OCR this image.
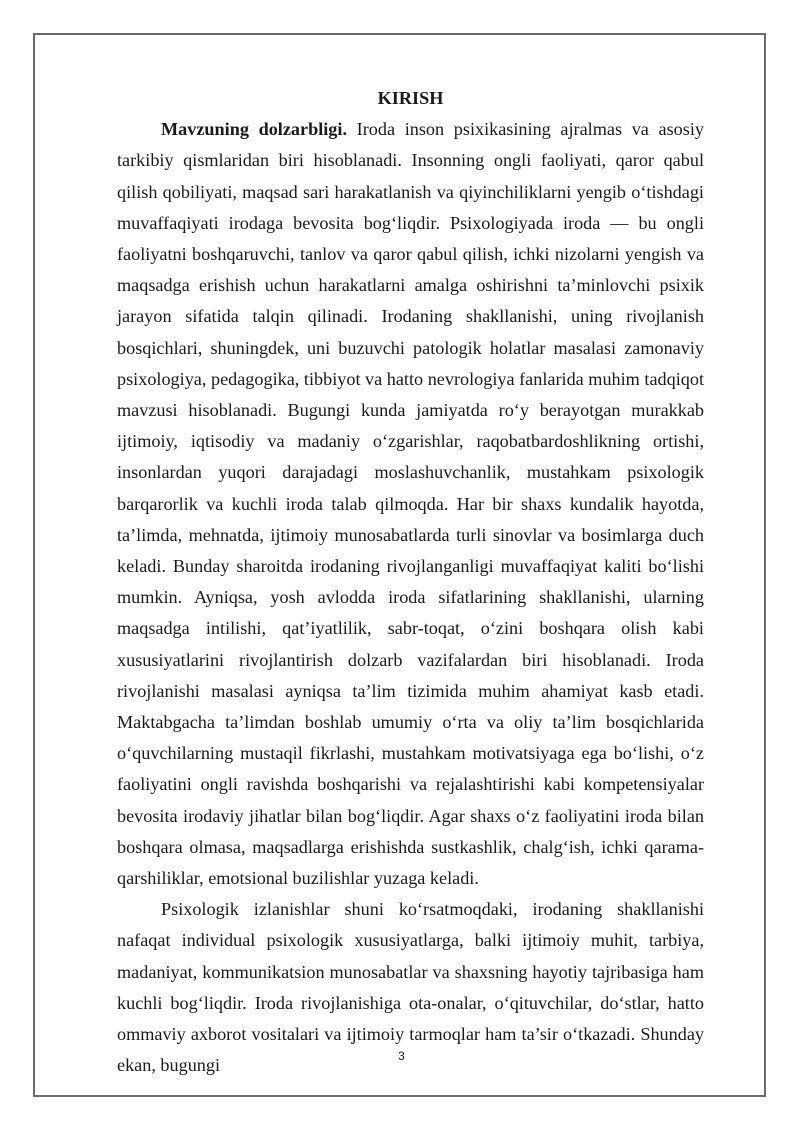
KIRISH

Mavzuning dolzarbligi. Iroda inson psixikasining ajralmas va asosiy tarkibiy qismlaridan biri hisoblanadi. Insonning ongli faoliyati, qaror qabul qilish qobiliyati, maqsad sari harakatlanish va qiyinchiliklarni yengib o‘tishdagi muvaffaqiyati irodaga bevosita bog‘liqdir. Psixologiyada iroda — bu ongli faoliyatni boshqaruvchi, tanlov va qaror qabul qilish, ichki nizolarni yengish va maqsadga erishish uchun harakatlarni amalga oshirishni ta’minlovchi psixik jarayon sifatida talqin qilinadi. Irodaning shakllanishi, uning rivojlanish bosqichlari, shuningdek, uni buzuvchi patologik holatlar masalasi zamonaviy psixologiya, pedagogika, tibbiyot va hatto nevrologiya fanlarida muhim tadqiqot mavzusi hisoblanadi. Bugungi kunda jamiyatda ro‘y berayotgan murakkab ijtimoiy, iqtisodiy va madaniy o‘zgarishlar, raqobatbardoshlikning ortishi, insonlardan yuqori darajadagi moslashuvchanlik, mustahkam psixologik barqarorlik va kuchli iroda talab qilmoqda. Har bir shaxs kundalik hayotda, ta’limda, mehnatda, ijtimoiy munosabatlarda turli sinovlar va bosimlarga duch keladi. Bunday sharoitda irodaning rivojlanganligi muvaffaqiyat kaliti bo‘lishi mumkin. Ayniqsa, yosh avlodda iroda sifatlarining shakllanishi, ularning maqsadga intilishi, qat’iyatlilik, sabr-toqat, o‘zini boshqara olish kabi xususiyatlarini rivojlantirish dolzarb vazifalardan biri hisoblanadi. Iroda rivojlanishi masalasi ayniqsa ta’lim tizimida muhim ahamiyat kasb etadi. Maktabgacha ta’limdan boshlab umumiy o‘rta va oliy ta’lim bosqichlarida o‘quvchilarning mustaqil fikrlashi, mustahkam motivatsiyaga ega bo‘lishi, o‘z faoliyatini ongli ravishda boshqarishi va rejalashtirishi kabi kompetensiyalar bevosita irodaviy jihatlar bilan bog‘liqdir. Agar shaxs o‘z faoliyatini iroda bilan boshqara olmasa, maqsadlarga erishishda sustkashlik, chalg‘ish, ichki qarama-qarshiliklar, emotsional buzilishlar yuzaga keladi.

Psixologik izlanishlar shuni ko‘rsatmoqdaki, irodaning shakllanishi nafaqat individual psixologik xususiyatlarga, balki ijtimoiy muhit, tarbiya, madaniyat, kommunikatsion munosabatlar va shaxsning hayotiy tajribasiga ham kuchli bog‘liqdir. Iroda rivojlanishiga ota-onalar, o‘qituvchilar, do‘stlar, hatto ommaviy axborot vositalari va ijtimoiy tarmoqlar ham ta’sir o‘tkazadi. Shunday ekan, bugungi	3
